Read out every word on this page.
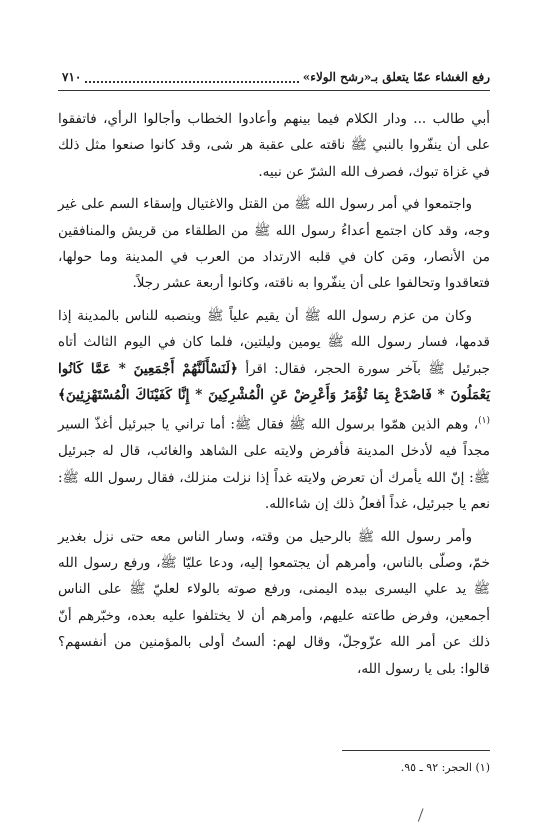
رفع الغشاء عمّا يتعلق بـ«رشح الولاء»
٧١٠

أبي طالب ... ودار الكلام فيما بينهم وأعادوا الخطاب وأجالوا الرأي، فاتفقوا على أن ينفّروا بالنبي ﷺ ناقته على عقبة هر شى، وقد كانوا صنعوا مثل ذلك في غزاة تبوك، فصرف الله الشرّ عن نبيه.

واجتمعوا في أمر رسول الله ﷺ من القتل والاغتيال وإسقاء السم على غير وجه، وقد كان اجتمع أعداءُ رسول الله ﷺ من الطلقاء من قريش والمنافقين من الأنصار، ومَن كان في قلبه الارتداد من العرب في المدينة وما حولها، فتعاقدوا وتحالفوا على أن ينفّروا به ناقته، وكانوا أربعة عشر رجلاً.

وكان من عزم رسول الله ﷺ أن يقيم علياً ﷺ وينصبه للناس بالمدينة إذا قدمها، فسار رسول الله ﷺ يومين وليلتين، فلما كان في اليوم الثالث أتاه جبرئيل ﷺ بآخر سورة الحجر، فقال: اقرأ ﴿لَنَسْأَلَنَّهُمْ أَجْمَعِينَ * عَمَّا كَانُوا يَعْمَلُونَ * فَاصْدَعْ بِمَا تُؤْمَرُ وَأَعْرِضْ عَنِ الْمُشْرِكِينَ * إِنَّا كَفَيْنَاكَ الْمُسْتَهْزِئِينَ﴾$^{(١)}$، وهم الذين همّوا برسول الله ﷺ فقال ﷺ: أما تراني يا جبرئيل أغذّ السير مجداً فيه لأدخل المدينة فأفرض ولايته على الشاهد والغائب، قال له جبرئيل ﷺ: إنّ الله يأمرك أن تعرض ولايته غداً إذا نزلت منزلك، فقال رسول الله ﷺ: نعم يا جبرئيل، غداً أفعلُ ذلك إن شاءالله.

وأمر رسول الله ﷺ بالرحيل من وقته، وسار الناس معه حتى نزل بغدير خمّ، وصلّى بالناس، وأمرهم أن يجتمعوا إليه، ودعا عليّا ﷺ، ورفع رسول الله ﷺ يد علي اليسرى بيده اليمنى، ورفع صوته بالولاء لعليّ ﷺ على الناس أجمعين، وفرض طاعته عليهم، وأمرهم أن لا يختلفوا عليه بعده، وخبّرهم أنّ ذلك عن أمر الله عزّوجلّ، وقال لهم: ألستُ أولى بالمؤمنين من أنفسهم؟ قالوا: بلى يا رسول الله،

(١) الحجر: ٩٢ ـ ٩٥.
